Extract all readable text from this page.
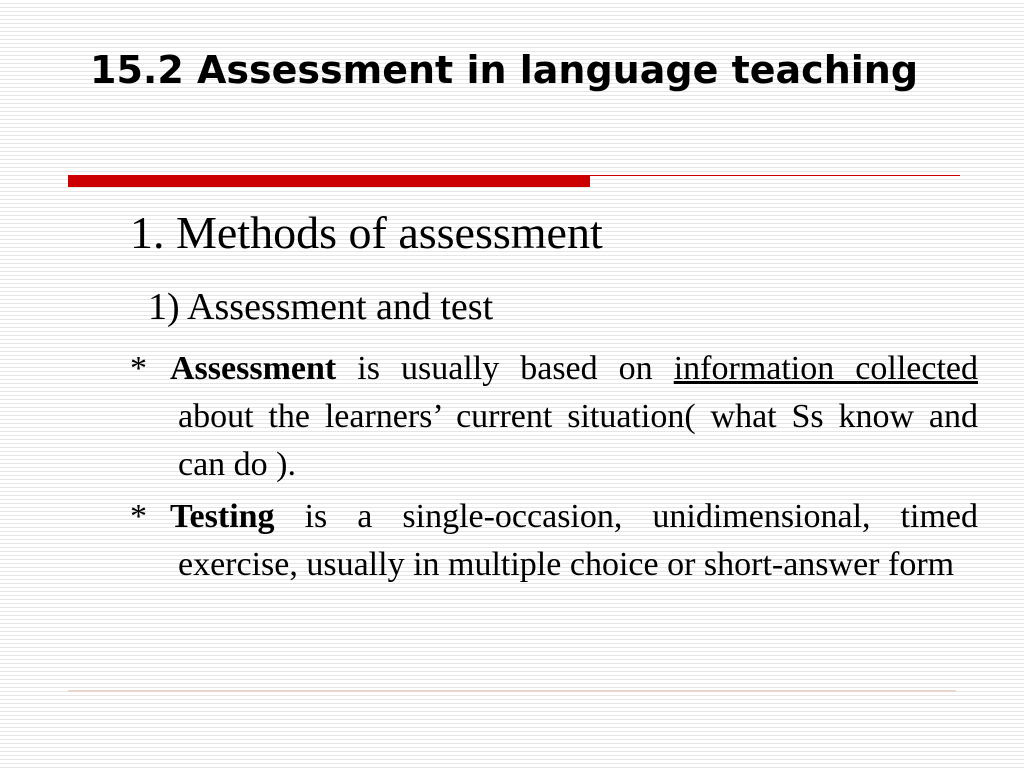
15.2 Assessment in language teaching

1. Methods of assessment

1) Assessment and test

* Assessment is usually based on information collected about the learners’ current situation( what Ss know and can do ).

* Testing is a single-occasion, unidimensional, timed exercise, usually in multiple choice or short-answer form
